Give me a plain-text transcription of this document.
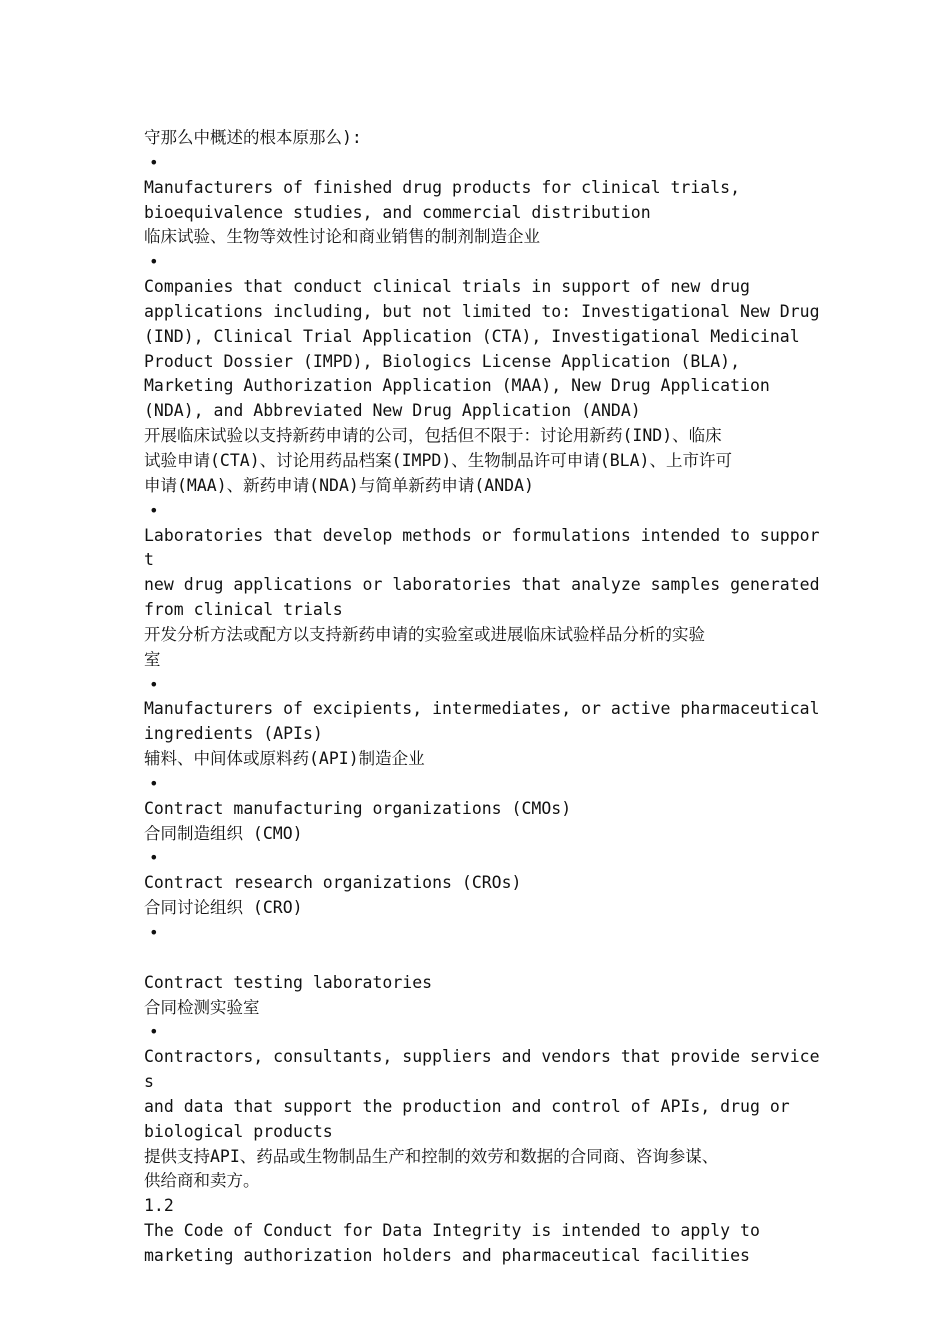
守那么中概述的根本原那么):
•
Manufacturers of finished drug products for clinical trials,
bioequivalence studies, and commercial distribution
临床试验、生物等效性讨论和商业销售的制剂制造企业
•
Companies that conduct clinical trials in support of new drug
applications including, but not limited to: Investigational New Drug
(IND), Clinical Trial Application (CTA), Investigational Medicinal
Product Dossier (IMPD), Biologics License Application (BLA),
Marketing Authorization Application (MAA), New Drug Application
(NDA), and Abbreviated New Drug Application (ANDA)
开展临床试验以支持新药申请的公司，包括但不限于：讨论用新药(IND)、临床
试验申请(CTA)、讨论用药品档案(IMPD)、生物制品许可申请(BLA)、上市许可
申请(MAA)、新药申请(NDA)与简单新药申请(ANDA)
•
Laboratories that develop methods or formulations intended to support
new drug applications or laboratories that analyze samples generated
from clinical trials
开发分析方法或配方以支持新药申请的实验室或进展临床试验样品分析的实验
室
•
Manufacturers of excipients, intermediates, or active pharmaceutical
ingredients (APIs)
辅料、中间体或原料药(API)制造企业
•
Contract manufacturing organizations (CMOs)
合同制造组织 (CMO)
•
Contract research organizations (CROs)
合同讨论组织 (CRO)
•
Contract testing laboratories
合同检测实验室
•
Contractors, consultants, suppliers and vendors that provide services
and data that support the production and control of APIs, drug or
biological products
提供支持API、药品或生物制品生产和控制的效劳和数据的合同商、咨询参谋、
供给商和卖方。
1.2
The Code of Conduct for Data Integrity is intended to apply to
marketing authorization holders and pharmaceutical facilities
